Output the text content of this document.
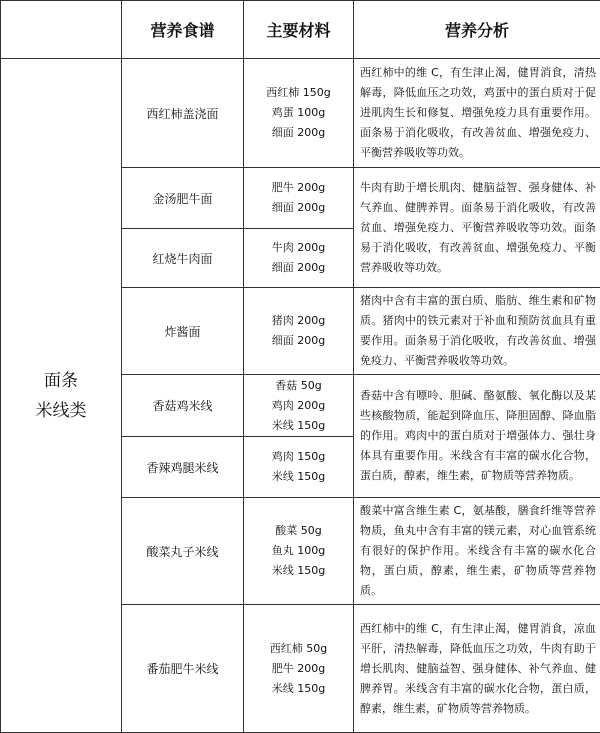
	营养食谱	主要材料	营养分析

面条
米线类	西红柿盖浇面	西红柿 150g
鸡蛋 100g
细面 200g	西红柿中的维 C，有生津止渴，健胃消食，清热解毒，降低血压之功效，鸡蛋中的蛋白质对于促进肌肉生长和修复、增强免疫力具有重要作用。面条易于消化吸收，有改善贫血、增强免疫力、平衡营养吸收等功效。
	金汤肥牛面	肥牛 200g
细面 200g	牛肉有助于增长肌肉、健脑益智、强身健体、补气养血、健脾养胃。面条易于消化吸收，有改善贫血、增强免疫力、平衡营养吸收等功效。面条易于消化吸收，有改善贫血、增强免疫力、平衡营养吸收等功效。
	红烧牛肉面	牛肉 200g
细面 200g	

	炸酱面	猪肉 200g
细面 200g	猪肉中含有丰富的蛋白质、脂肪、维生素和矿物质。猪肉中的铁元素对于补血和预防贫血具有重要作用。面条易于消化吸收，有改善贫血、增强免疫力、平衡营养吸收等功效。
	香菇鸡米线	香菇 50g
鸡肉 200g
米线 150g	香菇中含有嘌呤、胆碱、酪氨酸、氧化酶以及某些核酸物质，能起到降血压、降胆固醇、降血脂的作用。鸡肉中的蛋白质对于增强体力、强壮身体具有重要作用。米线含有丰富的碳水化合物，蛋白质，醇素，维生素，矿物质等营养物质。
	香辣鸡腿米线	鸡肉 150g
米线 150g	

	酸菜丸子米线	酸菜 50g
鱼丸 100g
米线 150g	酸菜中富含维生素 C，氨基酸，膳食纤维等营养物质，鱼丸中含有丰富的镁元素，对心血管系统有很好的保护作用。米线含有丰富的碳水化合物，蛋白质，醇素，维生素，矿物质等营养物质。
	番茄肥牛米线	西红柿 50g
肥牛 200g
米线 150g	西红柿中的维 C，有生津止渴，健胃消食，凉血平肝，清热解毒，降低血压之功效，牛肉有助于增长肌肉、健脑益智、强身健体、补气养血、健脾养胃。米线含有丰富的碳水化合物，蛋白质，醇素，维生素，矿物质等营养物质。
